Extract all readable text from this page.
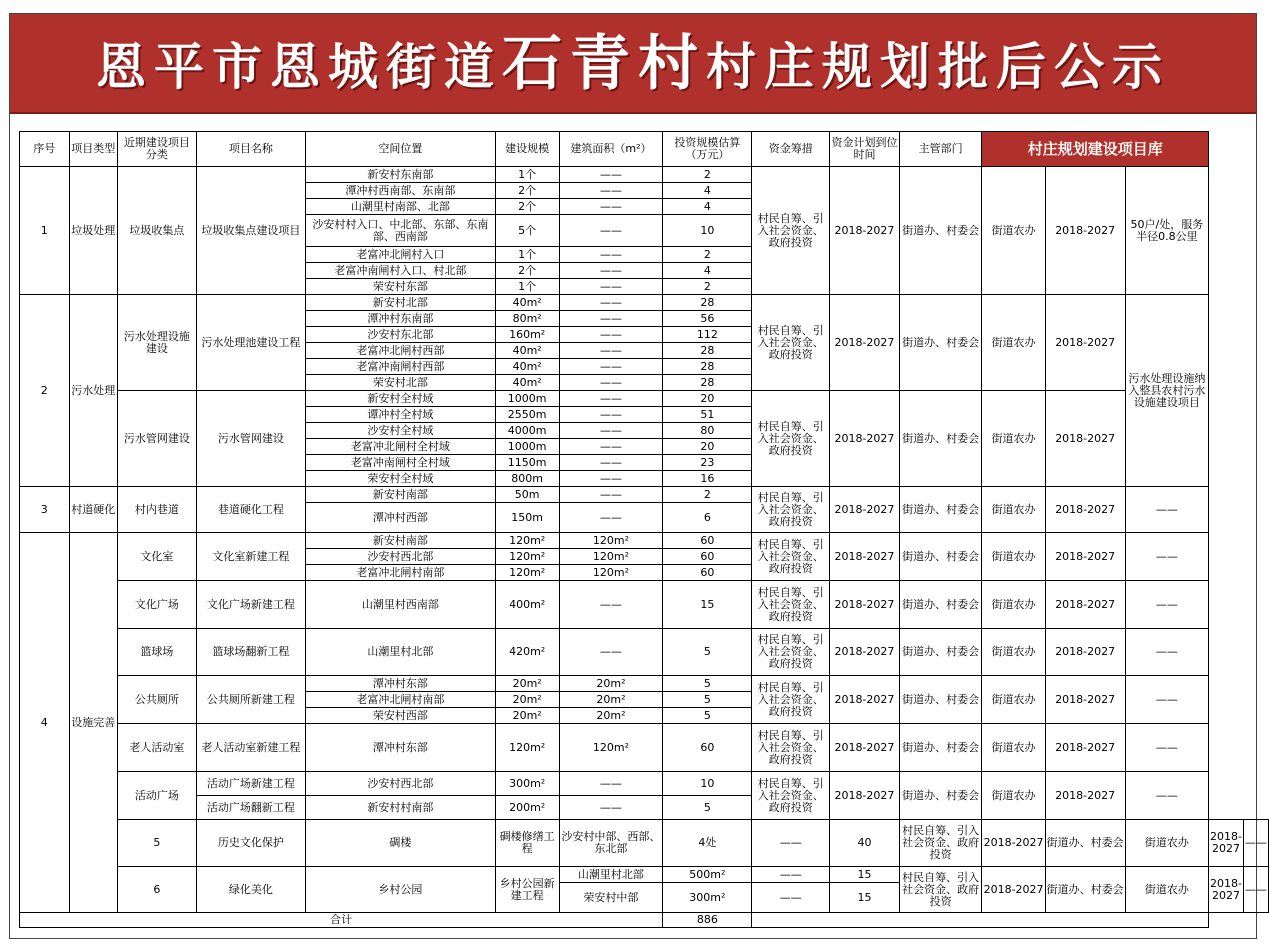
恩平市恩城街道石青村村庄规划批后公示
序号	项目类型	近期建设项目分类	项目名称	空间位置	建设规模	建筑面积（m²）	投资规模估算（万元）	资金筹措	资金计划到位时间	主管部门	村庄规划建设项目库				
1	垃圾处理	垃圾收集点	垃圾收集点建设项目	新安村东南部	1个	——	2	村民自筹、引入社会资金、政府投资	2018-2027	街道办、村委会	街道农办	2018-2027	50户/处，服务半径0.8公里		
				潭冲村西南部、东南部	2个	——	4								
				山潮里村南部、北部	2个	——	4								
				沙安村村入口、中北部、东部、东南部、西南部	5个	——	10								
				老富冲北闸村入口	1个	——	2								
				老富冲南闸村入口、村北部	2个	——	4								
				荣安村东部	1个	——	2								
2	污水处理	污水处理设施建设	污水处理池建设工程	新安村北部	40m²	——	28	村民自筹、引入社会资金、政府投资	2018-2027	街道办、村委会	街道农办	2018-2027	污水处理设施纳入整县农村污水设施建设项目		
				潭冲村东南部	80m²	——	56								
				沙安村东北部	160m²	——	112								
				老富冲北闸村西部	40m²	——	28								
				老富冲南闸村西部	40m²	——	28								
				荣安村北部	40m²	——	28								
		污水管网建设	污水管网建设	新安村全村域	1000m	——	20	村民自筹、引入社会资金、政府投资	2018-2027	街道办、村委会	街道农办	2018-2027			
				谭冲村全村域	2550m	——	51								
				沙安村全村域	4000m	——	80								
				老富冲北闸村全村域	1000m	——	20								
				老富冲南闸村全村域	1150m	——	23								
				荣安村全村域	800m	——	16								
3	村道硬化	村内巷道	巷道硬化工程	新安村南部	50m	——	2	村民自筹、引入社会资金、政府投资	2018-2027	街道办、村委会	街道农办	2018-2027	——		
				潭冲村西部	150m	——	6								
4	设施完善	文化室	文化室新建工程	新安村南部	120m²	120m²	60	村民自筹、引入社会资金、政府投资	2018-2027	街道办、村委会	街道农办	2018-2027	——		
				沙安村西北部	120m²	120m²	60								
				老富冲北闸村南部	120m²	120m²	60								
		文化广场	文化广场新建工程	山潮里村西南部	400m²	——	15	村民自筹、引入社会资金、政府投资	2018-2027	街道办、村委会	街道农办	2018-2027	——		
		篮球场	篮球场翻新工程	山潮里村北部	420m²	——	5	村民自筹、引入社会资金、政府投资	2018-2027	街道办、村委会	街道农办	2018-2027	——		
		公共厕所	公共厕所新建工程	潭冲村东部	20m²	20m²	5	村民自筹、引入社会资金、政府投资	2018-2027	街道办、村委会	街道农办	2018-2027	——		
				老富冲北闸村南部	20m²	20m²	5								
				荣安村西部	20m²	20m²	5								
		老人活动室	老人活动室新建工程	潭冲村东部	120m²	120m²	60	村民自筹、引入社会资金、政府投资	2018-2027	街道办、村委会	街道农办	2018-2027	——		
		活动广场	活动广场新建工程	沙安村西北部	300m²	——	10	村民自筹、引入社会资金、政府投资	2018-2027	街道办、村委会	街道农办	2018-2027	——		
			活动广场翻新工程	新安村村南部	200m²	——	5								
		5	历史文化保护	碉楼	碉楼修缮工程	沙安村中部、西部、东北部	4处	——	40	村民自筹、引入社会资金、政府投资	2018-2027	街道办、村委会	街道农办	2018-2027	——
		6	绿化美化	乡村公园	乡村公园新建工程	山潮里村北部	500m²	——	15	村民自筹、引入社会资金、政府投资	2018-2027	街道办、村委会	街道农办	2018-2027	——
						荣安村中部	300m²	——	15						
合计							886								
